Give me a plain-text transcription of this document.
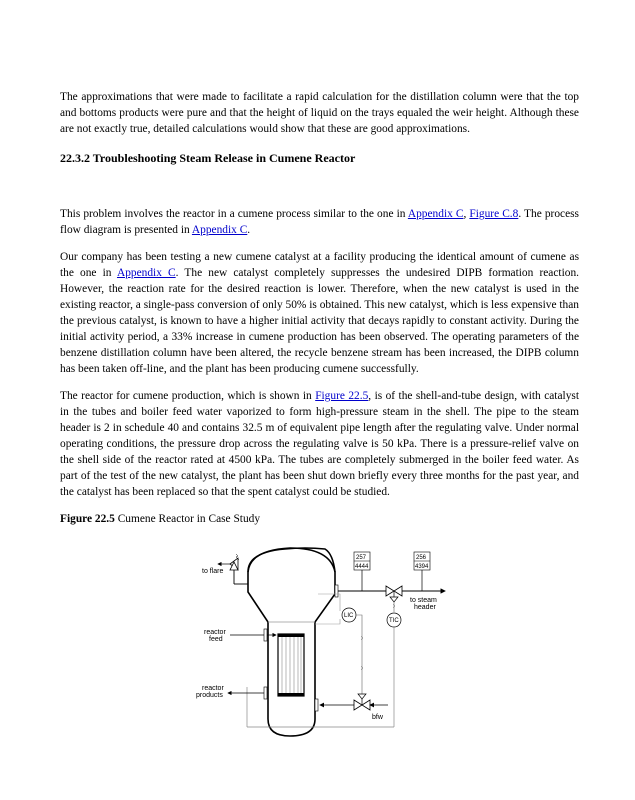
The approximations that were made to facilitate a rapid calculation for the distillation column were that the top and bottoms products were pure and that the height of liquid on the trays equaled the weir height. Although these are not exactly true, detailed calculations would show that these are good approximations.

22.3.2 Troubleshooting Steam Release in Cumene Reactor

This problem involves the reactor in a cumene process similar to the one in Appendix C, Figure C.8. The process flow diagram is presented in Appendix C.

Our company has been testing a new cumene catalyst at a facility producing the identical amount of cumene as the one in Appendix C. The new catalyst completely suppresses the undesired DIPB formation reaction. However, the reaction rate for the desired reaction is lower. Therefore, when the new catalyst is used in the existing reactor, a single-pass conversion of only 50% is obtained. This new catalyst, which is less expensive than the previous catalyst, is known to have a higher initial activity that decays rapidly to constant activity. During the initial activity period, a 33% increase in cumene production has been observed. The operating parameters of the benzene distillation column have been altered, the recycle benzene stream has been increased, the DIPB column has been taken off-line, and the plant has been producing cumene successfully.

The reactor for cumene production, which is shown in Figure 22.5, is of the shell-and-tube design, with catalyst in the tubes and boiler feed water vaporized to form high-pressure steam in the shell. The pipe to the steam header is 2 in schedule 40 and contains 32.5 m of equivalent pipe length after the regulating valve. Under normal operating conditions, the pressure drop across the regulating valve is 50 kPa. There is a pressure-relief valve on the shell side of the reactor rated at 4500 kPa. The tubes are completely submerged in the boiler feed water. As part of the test of the new catalyst, the plant has been shut down briefly every three months for the past year, and the catalyst has been replaced so that the spent catalyst could be studied.

Figure 22.5 Cumene Reactor in Case Study
to flare
257
4444
256
4394
to steam
header
TIC
LIC
bfw
reactor
feed
reactor
products
